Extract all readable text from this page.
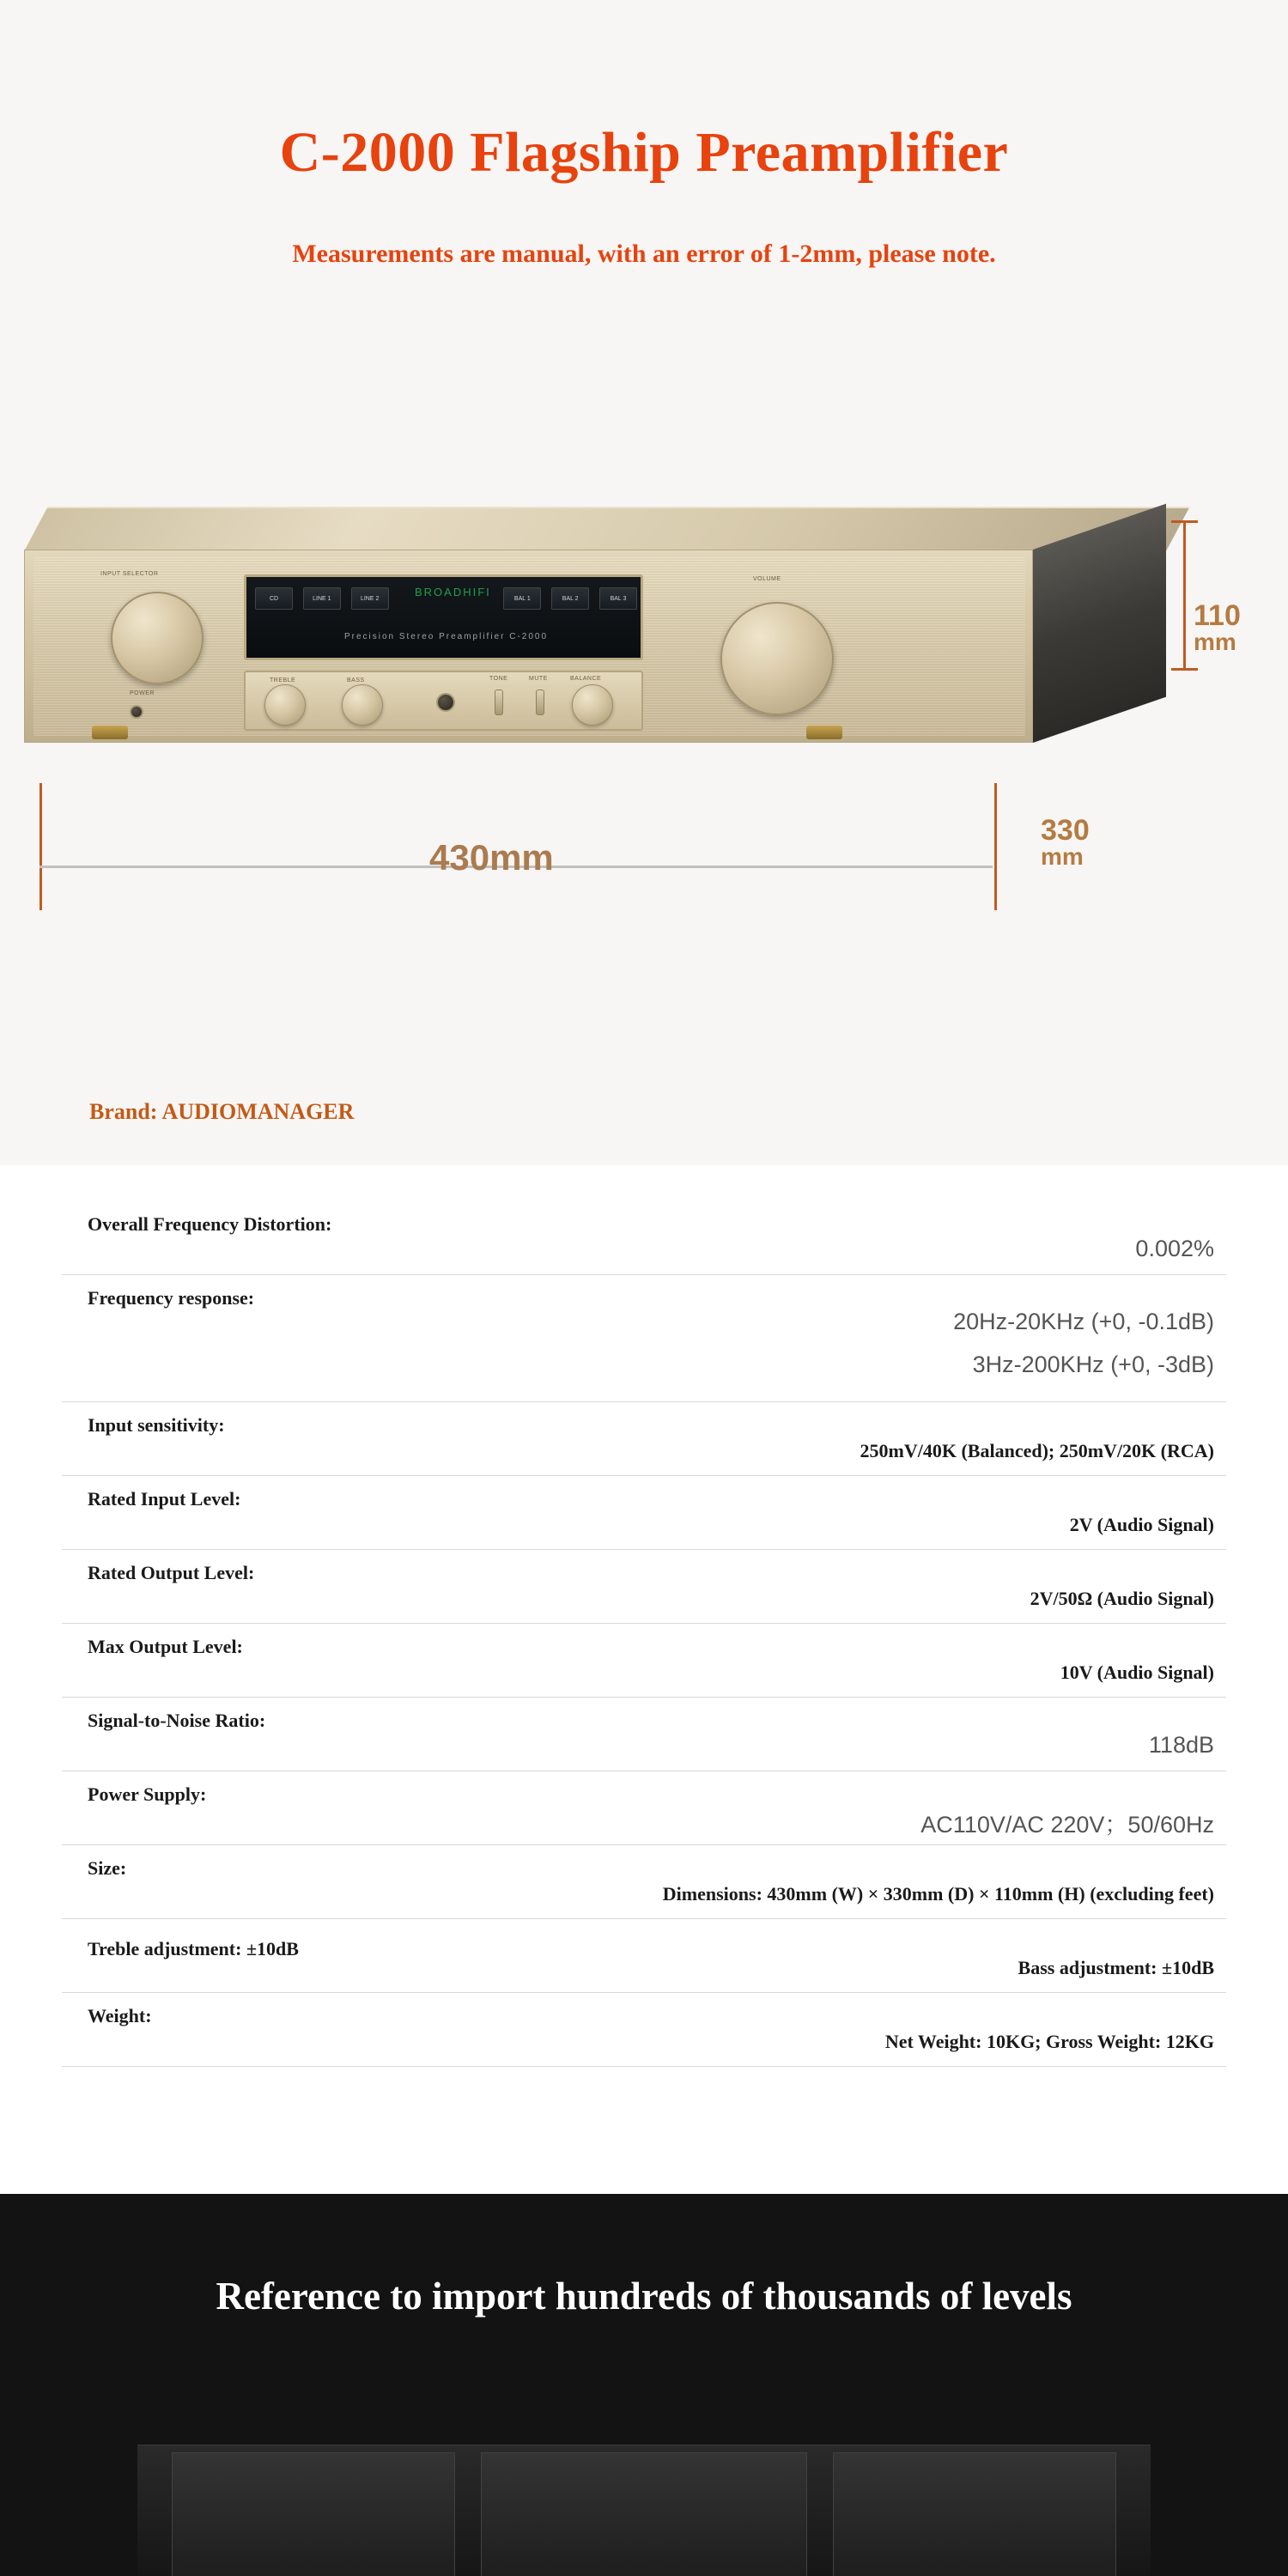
C-2000 Flagship Preamplifier

Measurements are manual, with an error of 1-2mm, please note.

INPUT SELECTOR
POWER
VOLUME
CD	LINE 1	LINE 2	BAL 1	BAL 2	BAL 3
BROADHIFI
Precision Stereo Preamplifier C-2000
TREBLE	BASS	TONE	MUTE	BALANCE
110
mm
430mm
330
mm
Brand: AUDIOMANAGER
Overall Frequency Distortion:
0.002%
Frequency response:
20Hz-20KHz (+0, -0.1dB)
3Hz-200KHz (+0, -3dB)
Input sensitivity:
250mV/40K (Balanced); 250mV/20K (RCA)
Rated Input Level:
2V (Audio Signal)
Rated Output Level:
2V/50Ω (Audio Signal)
Max Output Level:
10V (Audio Signal)
Signal-to-Noise Ratio:
118dB
Power Supply:
AC110V/AC 220V；50/60Hz
Size:
Dimensions: 430mm (W) × 330mm (D) × 110mm (H) (excluding feet)
Treble adjustment: ±10dB
Bass adjustment: ±10dB
Weight:
Net Weight: 10KG; Gross Weight: 12KG
Reference to import hundreds of thousands of levels
